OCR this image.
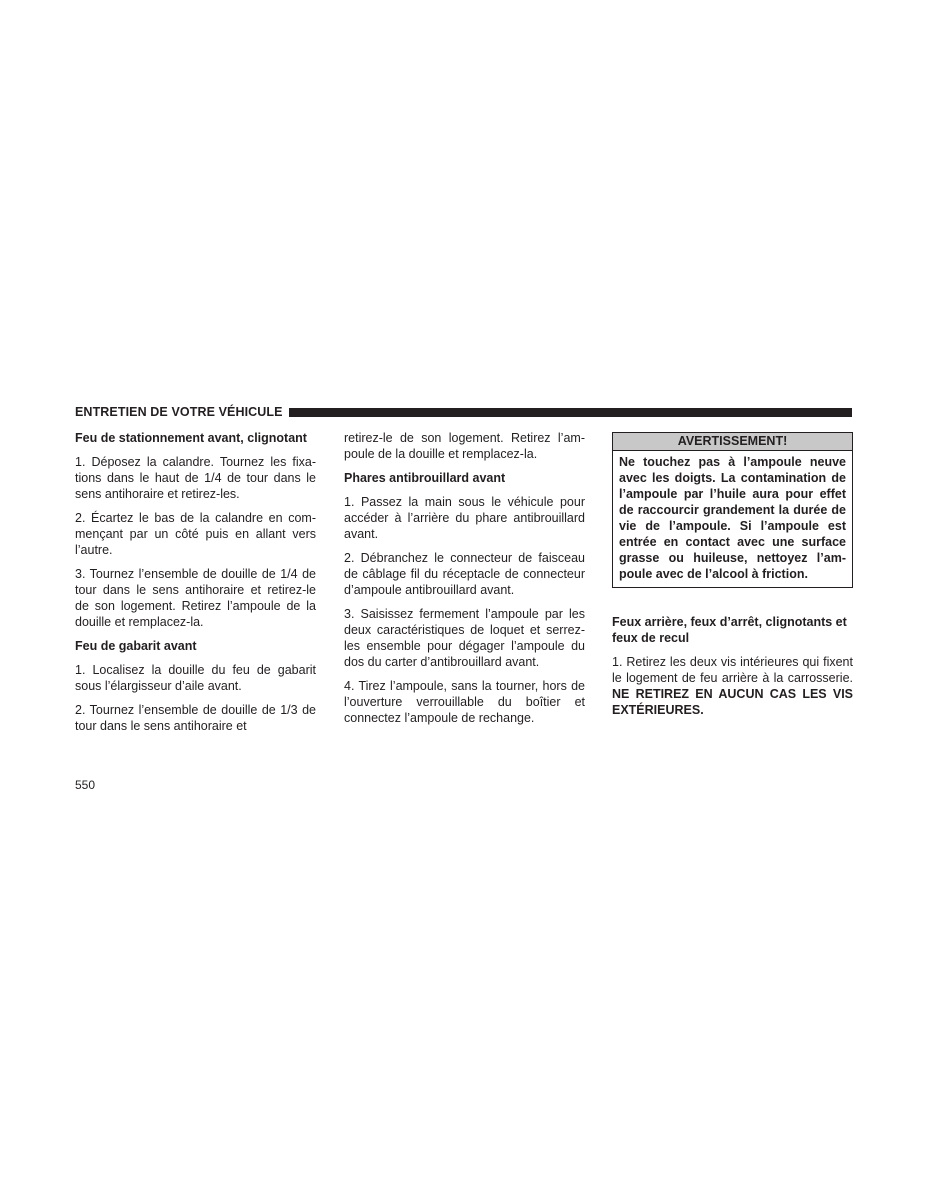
ENTRETIEN DE VOTRE VÉHICULE
Feu de stationnement avant, clignotant

1. Déposez la calandre. Tournez les fixations dans le haut de 1/4 de tour dans le sens antihoraire et retirez-les.

2. Écartez le bas de la calandre en commençant par un côté puis en allant vers l’autre.

3. Tournez l’ensemble de douille de 1/4 de tour dans le sens antihoraire et retirez-le de son logement. Retirez l’ampoule de la douille et remplacez-la.

Feu de gabarit avant

1. Localisez la douille du feu de gabarit sous l’élargisseur d’aile avant.

2. Tournez l’ensemble de douille de 1/3 de tour dans le sens antihoraire et

retirez-le de son logement. Retirez l’ampoule de la douille et remplacez-la.

Phares antibrouillard avant

1. Passez la main sous le véhicule pour accéder à l’arrière du phare antibrouillard avant.

2. Débranchez le connecteur de faisceau de câblage fil du réceptacle de connecteur d’ampoule antibrouillard avant.

3. Saisissez fermement l’ampoule par les deux caractéristiques de loquet et serrez-les ensemble pour dégager l’ampoule du dos du carter d’antibrouillard avant.

4. Tirez l’ampoule, sans la tourner, hors de l’ouverture verrouillable du boîtier et connectez l’ampoule de rechange.

AVERTISSEMENT!
Ne touchez pas à l’ampoule neuve avec les doigts. La contamination de l’ampoule par l’huile aura pour effet de raccourcir grandement la durée de vie de l’ampoule. Si l’ampoule est entrée en contact avec une surface grasse ou huileuse, nettoyez l’ampoule avec de l’alcool à friction.
Feux arrière, feux d’arrêt, clignotants et feux de recul

1. Retirez les deux vis intérieures qui fixent le logement de feu arrière à la carrosserie. NE RETIREZ EN AUCUN CAS LES VIS EXTÉRIEURES.

550
